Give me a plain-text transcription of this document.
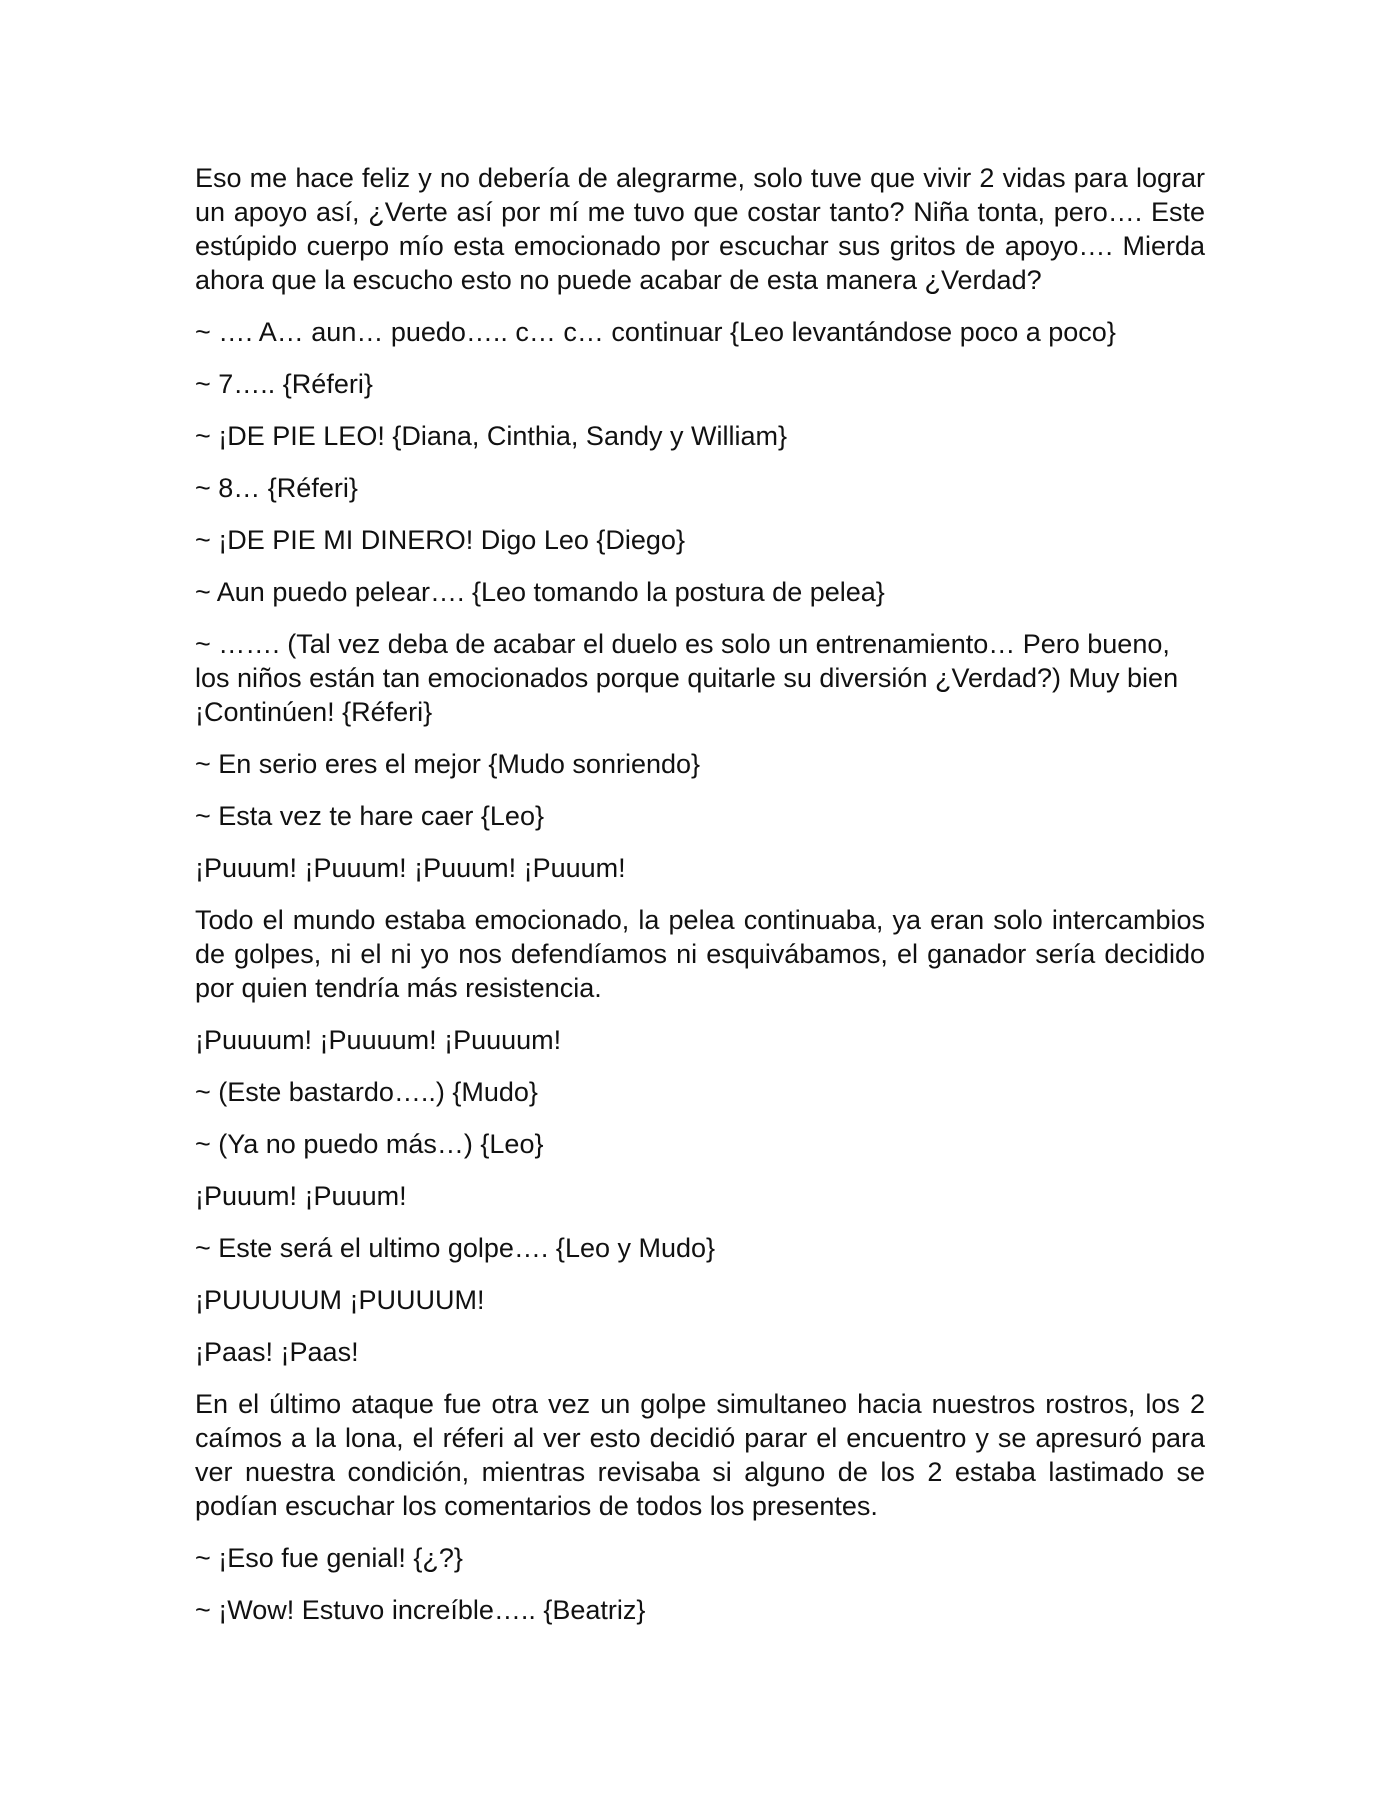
Eso me hace feliz y no debería de alegrarme, solo tuve que vivir 2 vidas para lograr un apoyo así, ¿Verte así por mí me tuvo que costar tanto? Niña tonta, pero…. Este estúpido cuerpo mío esta emocionado por escuchar sus gritos de apoyo…. Mierda ahora que la escucho esto no puede acabar de esta manera ¿Verdad?

~ …. A… aun… puedo….. c… c… continuar {Leo levantándose poco a poco}

~ 7….. {Réferi}

~ ¡DE PIE LEO! {Diana, Cinthia, Sandy y William}

~ 8… {Réferi}

~ ¡DE PIE MI DINERO! Digo Leo {Diego}

~ Aun puedo pelear…. {Leo tomando la postura de pelea}

~ ……. (Tal vez deba de acabar el duelo es solo un entrenamiento… Pero bueno, los niños están tan emocionados porque quitarle su diversión ¿Verdad?) Muy bien ¡Continúen! {Réferi}

~ En serio eres el mejor {Mudo sonriendo}

~ Esta vez te hare caer {Leo}

¡Puuum! ¡Puuum! ¡Puuum! ¡Puuum!

Todo el mundo estaba emocionado, la pelea continuaba, ya eran solo intercambios de golpes, ni el ni yo nos defendíamos ni esquivábamos, el ganador sería decidido por quien tendría más resistencia.

¡Puuuum! ¡Puuuum! ¡Puuuum!

~ (Este bastardo…..) {Mudo}

~ (Ya no puedo más…) {Leo}

¡Puuum! ¡Puuum!

~ Este será el ultimo golpe…. {Leo y Mudo}

¡PUUUUUM ¡PUUUUM!

¡Paas! ¡Paas!

En el último ataque fue otra vez un golpe simultaneo hacia nuestros rostros, los 2 caímos a la lona, el réferi al ver esto decidió parar el encuentro y se apresuró para ver nuestra condición, mientras revisaba si alguno de los 2 estaba lastimado se podían escuchar los comentarios de todos los presentes.

~ ¡Eso fue genial! {¿?}

~ ¡Wow! Estuvo increíble….. {Beatriz}
